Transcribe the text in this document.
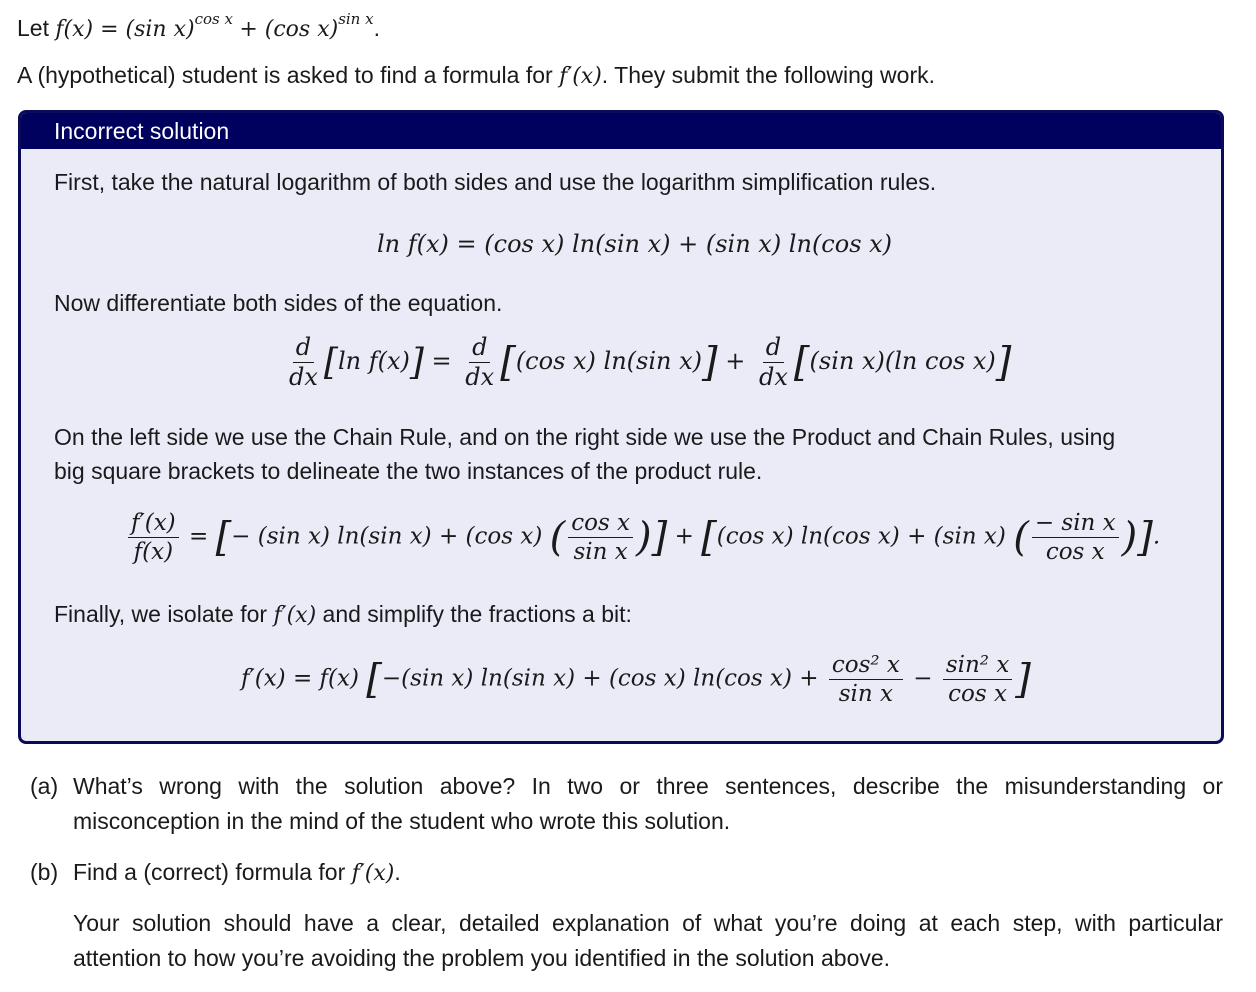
Let f(x) = (sin x)$^{cos x}$ + (cos x)$^{sin x}$.
A (hypothetical) student is asked to find a formula for f′(x). They submit the following work.
Incorrect solution
First, take the natural logarithm of both sides and use the logarithm simplification rules.
ln f(x) = (cos x) ln(sin x) + (sin x) ln(cos x)
Now differentiate both sides of the equation.
$\frac{d}{dx} [\ln$ $f(x)] = \frac{d}{dx} [(\cos$ x) ln(sin $x)] + \frac{d}{dx} [(\sin$ x)(ln cos x)]
On the left side we use the Chain Rule, and on the right side we use the Product and Chain Rules, using
big square brackets to delineate the two instances of the product rule.
$\frac{f'(x)}{f(x)}$ = [− (sin x) ln(sin x) + (cos x) ( $\frac{\text{cos x}}{\text{sin x}}$ )] + [(cos x) ln(cos x) + (sin x) ( $\frac{\text{− sin x}}{\text{cos x}}$ )].
Finally, we isolate for f′(x) and simplify the fractions a bit:
f′(x) = f(x) [−(sin x) ln(sin x) + (cos x) ln(cos $x) + \frac{\text{cos² x}}{\text{sin x}} - \frac{\text{sin² x}}{\text{cos x}}$ ]
(a) What’s wrong with the solution above? In two or three sentences, describe the misunderstanding or
misconception in the mind of the student who wrote this solution.
(b) Find a (correct) formula for f′(x).
Your solution should have a clear, detailed explanation of what you’re doing at each step, with particular
attention to how you’re avoiding the problem you identified in the solution above.
